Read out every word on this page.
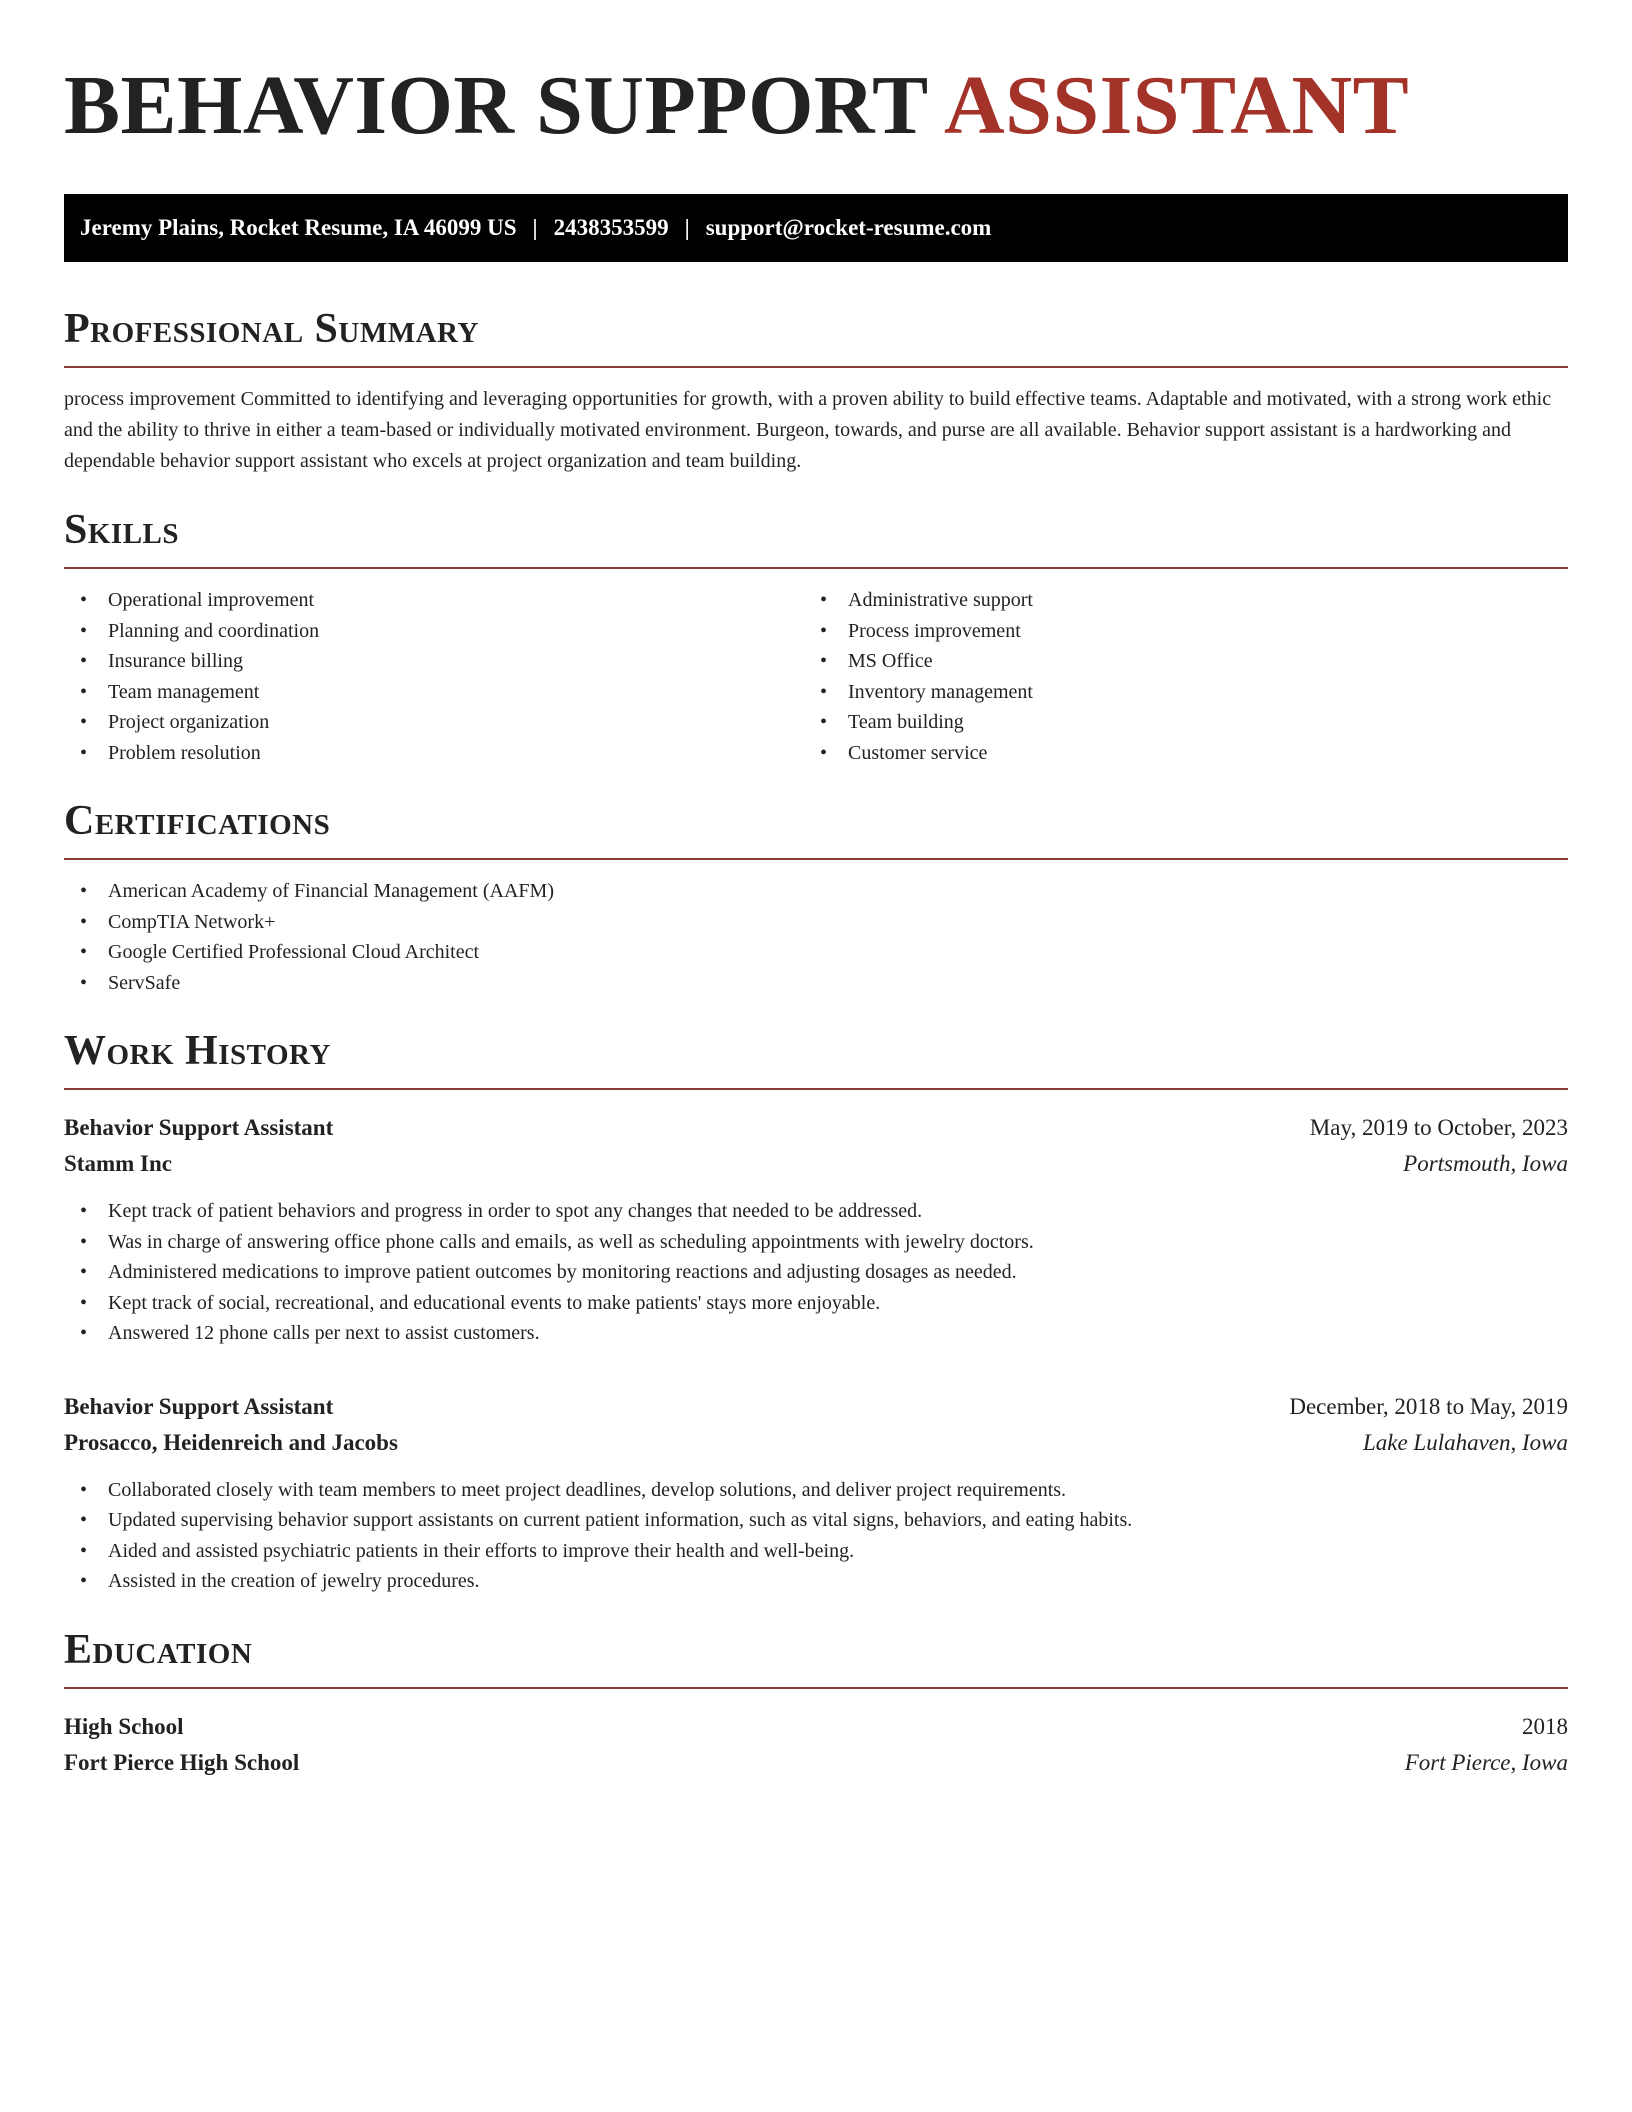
BEHAVIOR SUPPORT ASSISTANT
Jeremy Plains, Rocket Resume, IA 46099 US | 2438353599 | support@rocket-resume.com
Professional Summary

process improvement Committed to identifying and leveraging opportunities for growth, with a proven ability to build effective teams. Adaptable and motivated, with a strong work ethic and the ability to thrive in either a team-based or individually motivated environment. Burgeon, towards, and purse are all available. Behavior support assistant is a hardworking and dependable behavior support assistant who excels at project organization and team building.

Skills
• Operational improvement
• Planning and coordination
• Insurance billing
• Team management
• Project organization
• Problem resolution
• Administrative support
• Process improvement
• MS Office
• Inventory management
• Team building
• Customer service
Certifications
• American Academy of Financial Management (AAFM)
• CompTIA Network+
• Google Certified Professional Cloud Architect
• ServSafe
Work History
Behavior Support Assistant	May, 2019 to October, 2023
Stamm Inc	Portsmouth, Iowa
• Kept track of patient behaviors and progress in order to spot any changes that needed to be addressed.
• Was in charge of answering office phone calls and emails, as well as scheduling appointments with jewelry doctors.
• Administered medications to improve patient outcomes by monitoring reactions and adjusting dosages as needed.
• Kept track of social, recreational, and educational events to make patients' stays more enjoyable.
• Answered 12 phone calls per next to assist customers.
Behavior Support Assistant	December, 2018 to May, 2019
Prosacco, Heidenreich and Jacobs	Lake Lulahaven, Iowa
• Collaborated closely with team members to meet project deadlines, develop solutions, and deliver project requirements.
• Updated supervising behavior support assistants on current patient information, such as vital signs, behaviors, and eating habits.
• Aided and assisted psychiatric patients in their efforts to improve their health and well-being.
• Assisted in the creation of jewelry procedures.
Education
High School	2018
Fort Pierce High School	Fort Pierce, Iowa
